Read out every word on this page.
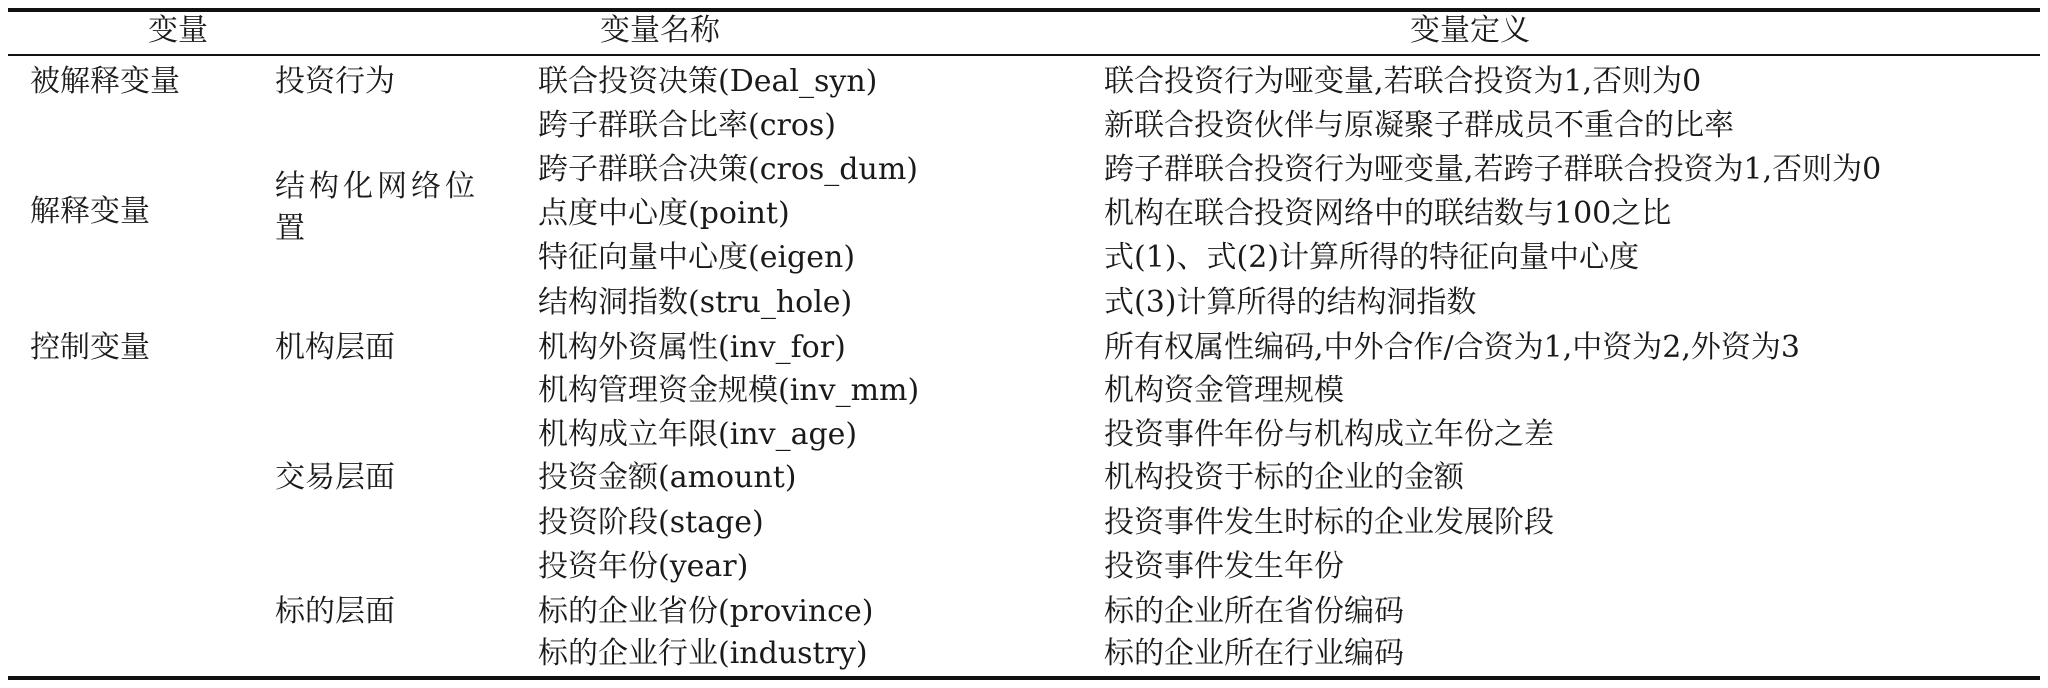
变量	变量名称	变量定义
被解释变量
解释变量
控制变量
投资行为
结构化网络位置
机构层面
交易层面
标的层面
联合投资决策(Deal_syn)
跨子群联合比率(cros)
跨子群联合决策(cros_dum)
点度中心度(point)
特征向量中心度(eigen)
结构洞指数(stru_hole)
机构外资属性(inv_for)
机构管理资金规模(inv_mm)
机构成立年限(inv_age)
投资金额(amount)
投资阶段(stage)
投资年份(year)
标的企业省份(province)
标的企业行业(industry)
联合投资行为哑变量,若联合投资为1,否则为0
新联合投资伙伴与原凝聚子群成员不重合的比率
跨子群联合投资行为哑变量,若跨子群联合投资为1,否则为0
机构在联合投资网络中的联结数与100之比
式(1)、式(2)计算所得的特征向量中心度
式(3)计算所得的结构洞指数
所有权属性编码,中外合作/合资为1,中资为2,外资为3
机构资金管理规模
投资事件年份与机构成立年份之差
机构投资于标的企业的金额
投资事件发生时标的企业发展阶段
投资事件发生年份
标的企业所在省份编码
标的企业所在行业编码
